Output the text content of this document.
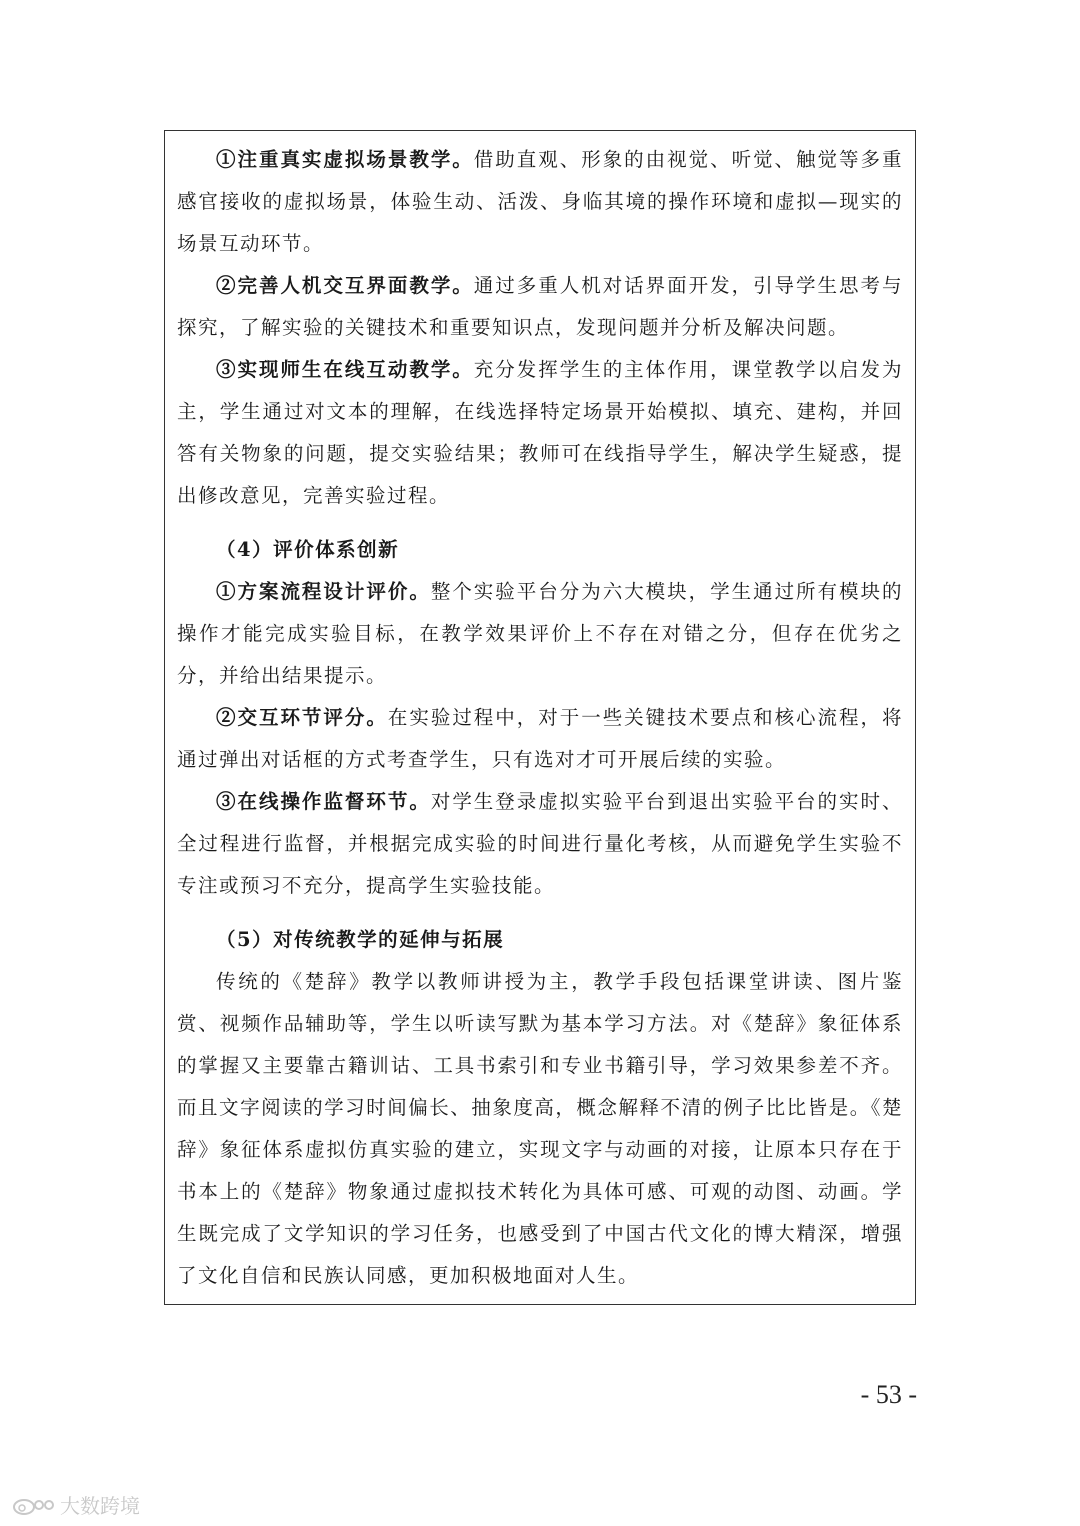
①注重真实虚拟场景教学。借助直观、形象的由视觉、听觉、触觉等多重感官接收的虚拟场景，体验生动、活泼、身临其境的操作环境和虚拟—现实的场景互动环节。

②完善人机交互界面教学。通过多重人机对话界面开发，引导学生思考与探究，了解实验的关键技术和重要知识点，发现问题并分析及解决问题。

③实现师生在线互动教学。充分发挥学生的主体作用，课堂教学以启发为主，学生通过对文本的理解，在线选择特定场景开始模拟、填充、建构，并回答有关物象的问题，提交实验结果；教师可在线指导学生，解决学生疑惑，提出修改意见，完善实验过程。

（4）评价体系创新

①方案流程设计评价。整个实验平台分为六大模块，学生通过所有模块的操作才能完成实验目标，在教学效果评价上不存在对错之分，但存在优劣之分，并给出结果提示。

②交互环节评分。在实验过程中，对于一些关键技术要点和核心流程，将通过弹出对话框的方式考查学生，只有选对才可开展后续的实验。

③在线操作监督环节。对学生登录虚拟实验平台到退出实验平台的实时、全过程进行监督，并根据完成实验的时间进行量化考核，从而避免学生实验不专注或预习不充分，提高学生实验技能。

（5）对传统教学的延伸与拓展

传统的《楚辞》教学以教师讲授为主，教学手段包括课堂讲读、图片鉴赏、视频作品辅助等，学生以听读写默为基本学习方法。对《楚辞》象征体系的掌握又主要靠古籍训诂、工具书索引和专业书籍引导，学习效果参差不齐。而且文字阅读的学习时间偏长、抽象度高，概念解释不清的例子比比皆是。《楚辞》象征体系虚拟仿真实验的建立，实现文字与动画的对接，让原本只存在于书本上的《楚辞》物象通过虚拟技术转化为具体可感、可观的动图、动画。学生既完成了文学知识的学习任务，也感受到了中国古代文化的博大精深，增强了文化自信和民族认同感，更加积极地面对人生。

- 53 -
大数跨境
